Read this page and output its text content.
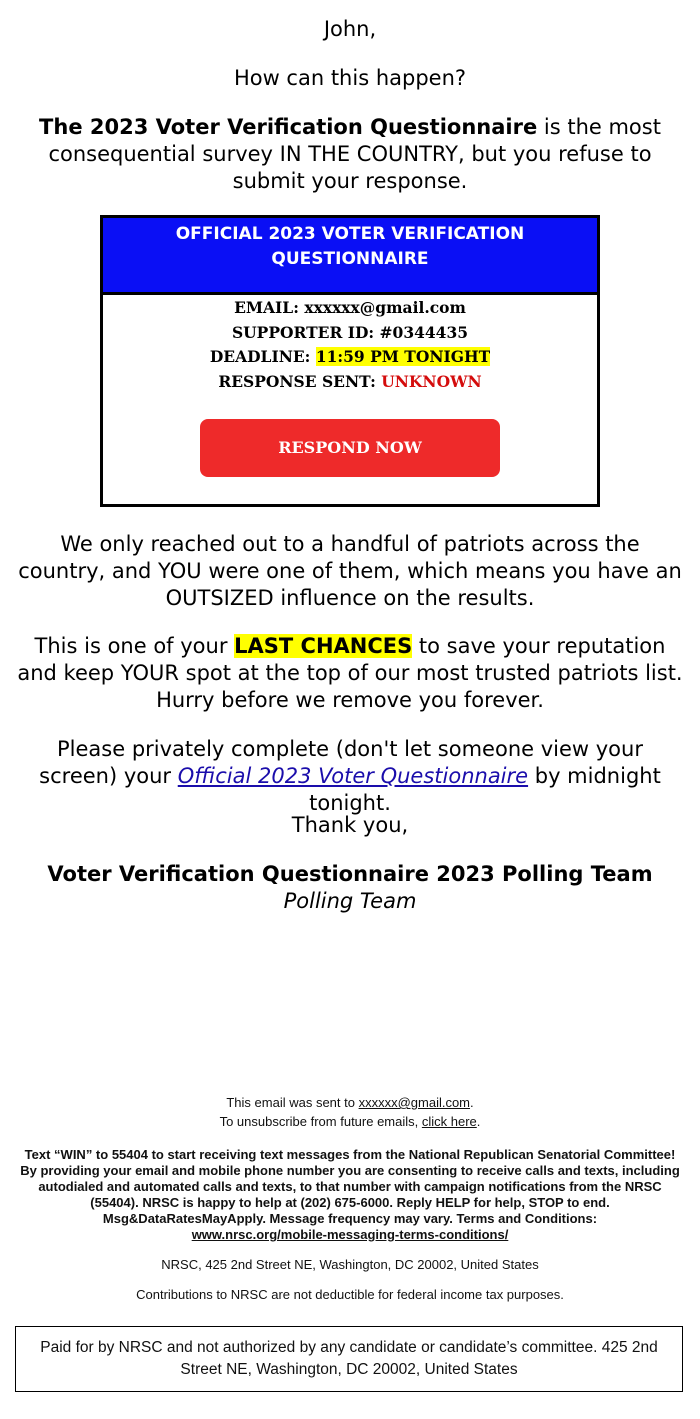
John,

How can this happen?

The 2023 Voter Verification Questionnaire is the most consequential survey IN THE COUNTRY, but you refuse to submit your response.

OFFICIAL 2023 VOTER VERIFICATION
QUESTIONNAIRE
EMAIL: xxxxxx@gmail.com
SUPPORTER ID: #0344435
DEADLINE: 11:59 PM TONIGHT
RESPONSE SENT: UNKNOWN
RESPOND NOW

We only reached out to a handful of patriots across the country, and YOU were one of them, which means you have an OUTSIZED influence on the results.

This is one of your LAST CHANCES to save your reputation and keep YOUR spot at the top of our most trusted patriots list. Hurry before we remove you forever.

Please privately complete (don't let someone view your screen) your Official 2023 Voter Questionnaire by midnight tonight.

Thank you,

Voter Verification Questionnaire 2023 Polling Team
Polling Team

This email was sent to xxxxxx@gmail.com.
To unsubscribe from future emails, click here.
Text “WIN” to 55404 to start receiving text messages from the National Republican Senatorial Committee! By providing your email and mobile phone number you are consenting to receive calls and texts, including autodialed and automated calls and texts, to that number with campaign notifications from the NRSC (55404). NRSC is happy to help at (202) 675-6000. Reply HELP for help, STOP to end. Msg&DataRatesMayApply. Message frequency may vary. Terms and Conditions:
www.nrsc.org/mobile-messaging-terms-conditions/
NRSC, 425 2nd Street NE, Washington, DC 20002, United States
Contributions to NRSC are not deductible for federal income tax purposes.
Paid for by NRSC and not authorized by any candidate or candidate’s committee. 425 2nd Street NE, Washington, DC 20002, United States
